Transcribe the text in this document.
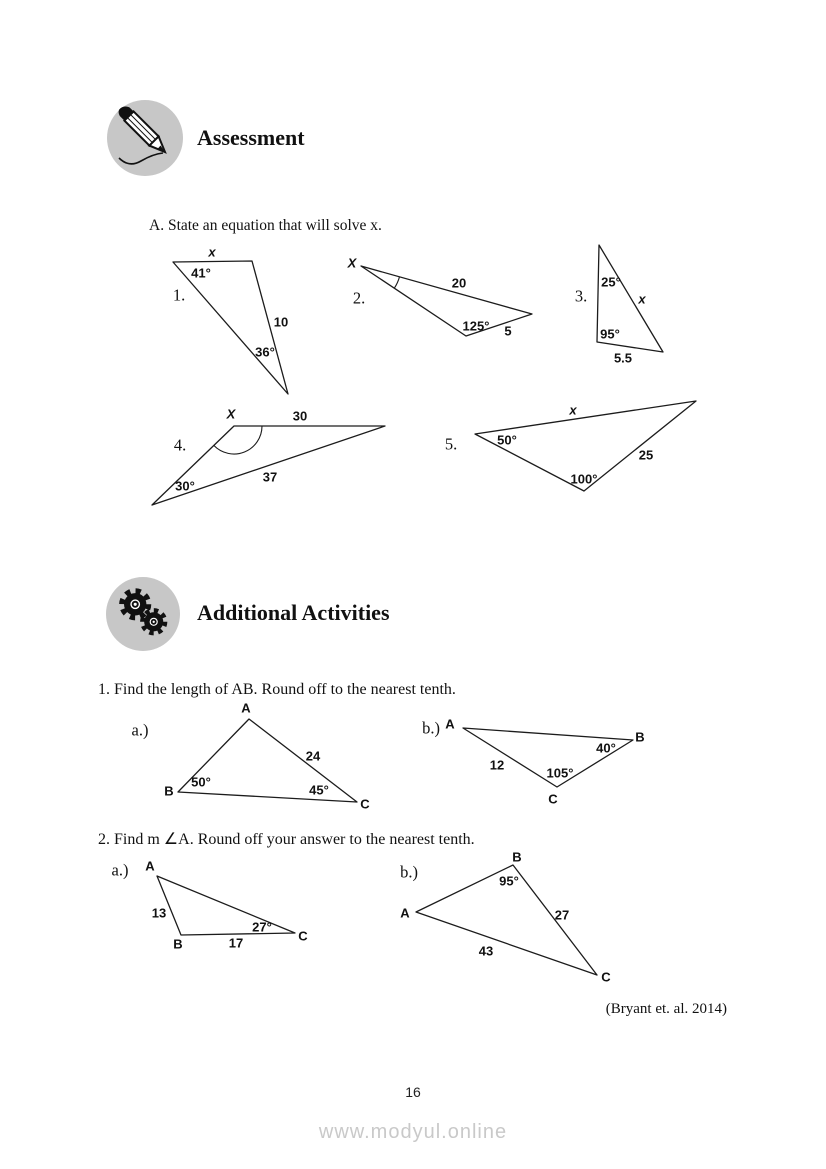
Assessment
A. State an equation that will solve x.
Additional Activities
1. Find the length of AB. Round off to the nearest tenth.
2. Find m ∠A. Round off your answer to the nearest tenth.
1.
x
41°
10
36°
2.
X
20
125° 5
3.
25°
x
95°
5.5
4.
X	30
30°
37
5.
x
50°
25
100°
a.)
A
B
C
24
50°
45°
b.) A
B
C
12
40°
105°
a.) A
B
C
13
17
27°
b.)
B
A
C
95°
27
43
(Bryant et. al. 2014)
16
www.modyul.online
